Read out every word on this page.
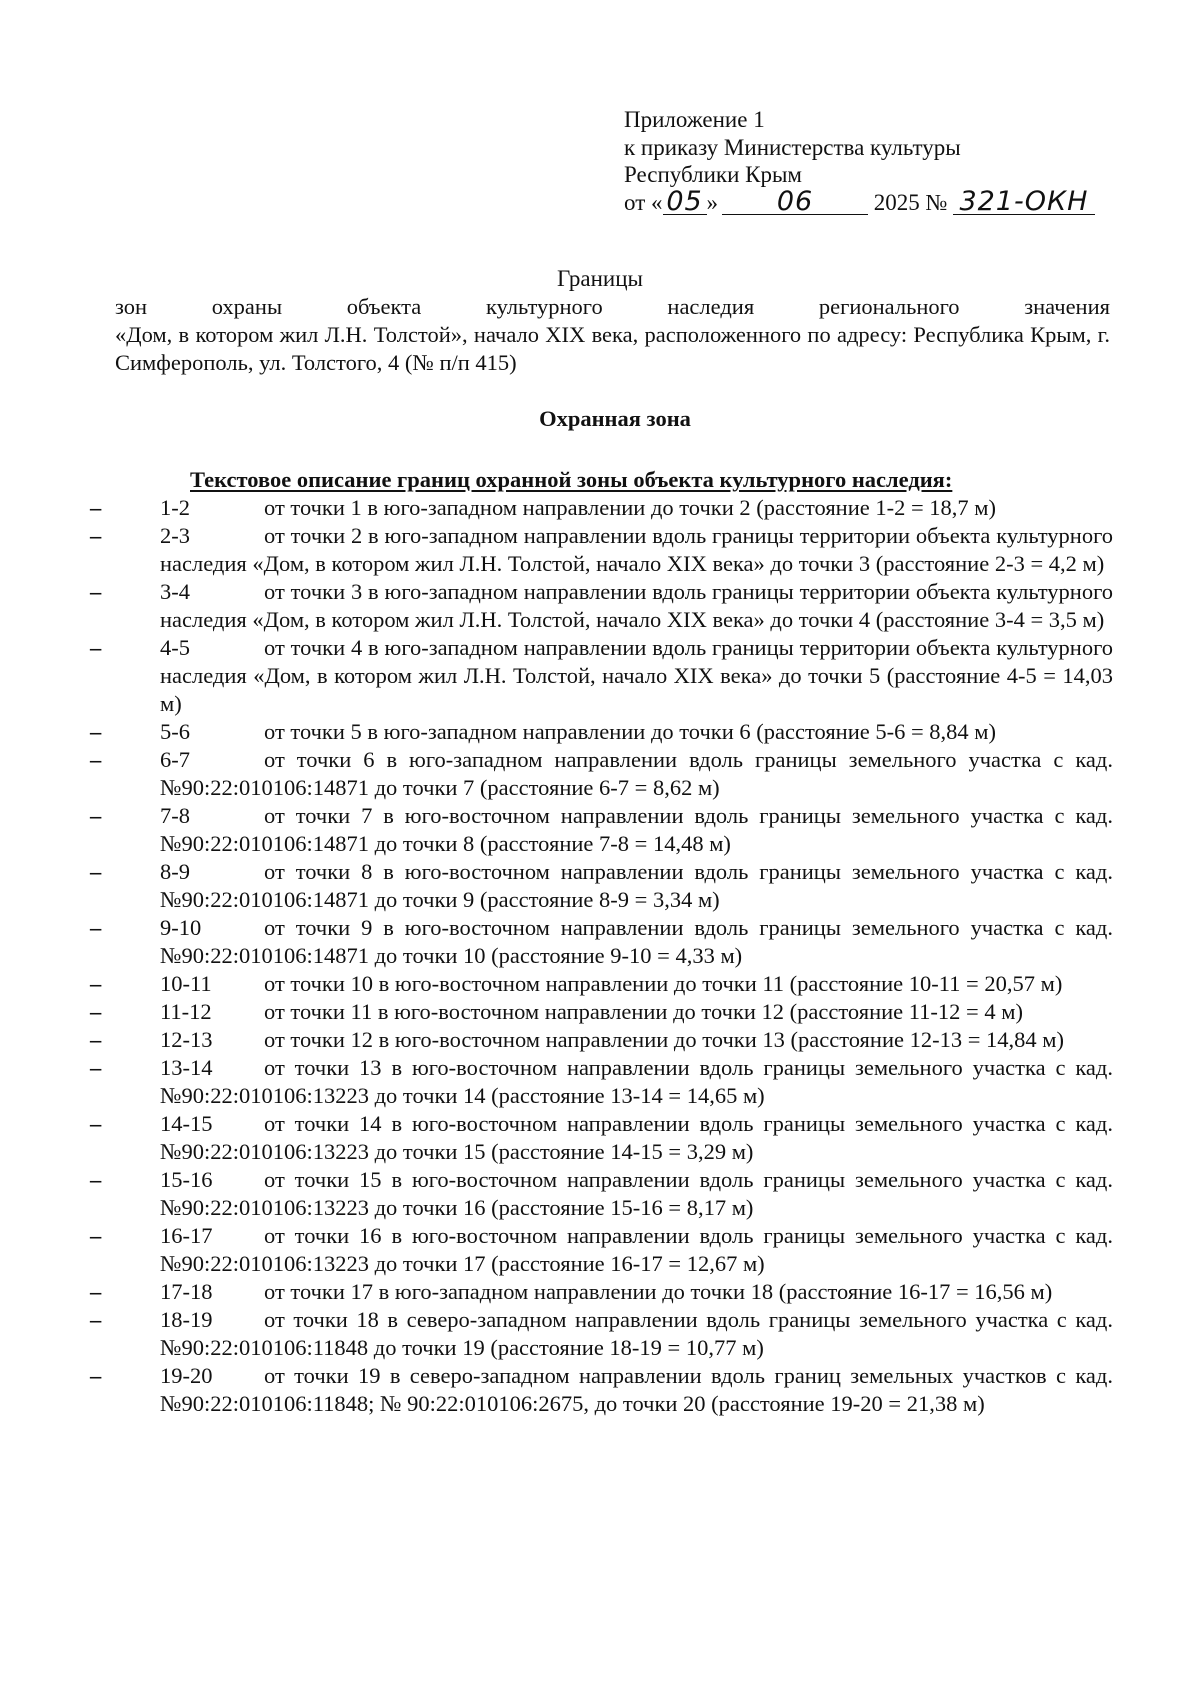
Приложение 1
к приказу Министерства культуры
Республики Крым
от « 05 » 06	2025 № 321-ОКН
Границы
зон охраны объекта культурного наследия регионального значения
«Дом, в котором жил Л.Н. Толстой», начало XIX века, расположенного по адресу: Республика Крым, г. Симферополь, ул. Толстого, 4 (№ п/п 415)
Охранная зона
Текстовое описание границ охранной зоны объекта культурного наследия:
–	1-2	от точки 1 в юго-западном направлении до точки 2 (расстояние 1-2 = 18,7 м)
–	2-3	от точки 2 в юго-западном направлении вдоль границы территории объекта культурного наследия «Дом, в котором жил Л.Н. Толстой, начало XIX века» до точки 3 (расстояние 2-3 = 4,2 м)
–	3-4	от точки 3 в юго-западном направлении вдоль границы территории объекта культурного наследия «Дом, в котором жил Л.Н. Толстой, начало XIX века» до точки 4 (расстояние 3-4 = 3,5 м)
–	4-5	от точки 4 в юго-западном направлении вдоль границы территории объекта культурного наследия «Дом, в котором жил Л.Н. Толстой, начало XIX века» до точки 5 (расстояние 4-5 = 14,03 м)
–	5-6	от точки 5 в юго-западном направлении до точки 6 (расстояние 5-6 = 8,84 м)
–	6-7	от точки 6 в юго-западном направлении вдоль границы земельного участка с кад. №90:22:010106:14871 до точки 7 (расстояние 6-7 = 8,62 м)
–	7-8	от точки 7 в юго-восточном направлении вдоль границы земельного участка с кад. №90:22:010106:14871 до точки 8 (расстояние 7-8 = 14,48 м)
–	8-9	от точки 8 в юго-восточном направлении вдоль границы земельного участка с кад. №90:22:010106:14871 до точки 9 (расстояние 8-9 = 3,34 м)
–	9-10	от точки 9 в юго-восточном направлении вдоль границы земельного участка с кад. №90:22:010106:14871 до точки 10 (расстояние 9-10 = 4,33 м)
–	10-11 от точки 10 в юго-восточном направлении до точки 11 (расстояние 10-11 = 20,57 м)
–	11-12 от точки 11 в юго-восточном направлении до точки 12 (расстояние 11-12 = 4 м)
–	12-13 от точки 12 в юго-восточном направлении до точки 13 (расстояние 12-13 = 14,84 м)
–	13-14 от точки 13 в юго-восточном направлении вдоль границы земельного участка с кад. №90:22:010106:13223 до точки 14 (расстояние 13-14 = 14,65 м)
–	14-15 от точки 14 в юго-восточном направлении вдоль границы земельного участка с кад. №90:22:010106:13223 до точки 15 (расстояние 14-15 = 3,29 м)
–	15-16 от точки 15 в юго-восточном направлении вдоль границы земельного участка с кад. №90:22:010106:13223 до точки 16 (расстояние 15-16 = 8,17 м)
–	16-17 от точки 16 в юго-восточном направлении вдоль границы земельного участка с кад. №90:22:010106:13223 до точки 17 (расстояние 16-17 = 12,67 м)
–	17-18 от точки 17 в юго-западном направлении до точки 18 (расстояние 16-17 = 16,56 м)
–	18-19 от точки 18 в северо-западном направлении вдоль границы земельного участка с кад. №90:22:010106:11848 до точки 19 (расстояние 18-19 = 10,77 м)
–	19-20 от точки 19 в северо-западном направлении вдоль границ земельных участков с кад. №90:22:010106:11848; № 90:22:010106:2675, до точки 20 (расстояние 19-20 = 21,38 м)
